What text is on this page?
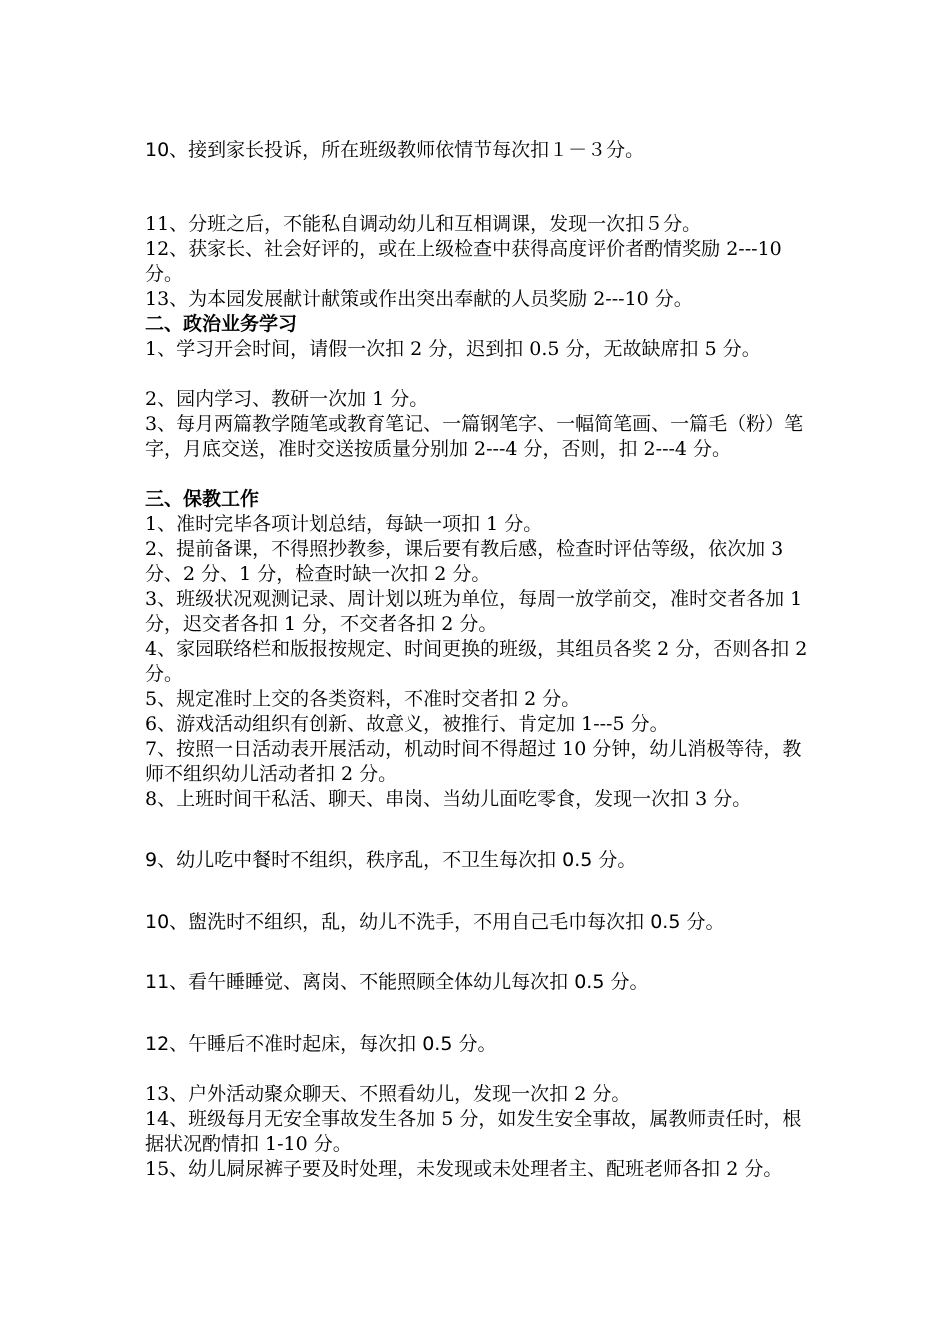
10、接到家长投诉，所在班级教师依情节每次扣１－３分。

11、分班之后，不能私自调动幼儿和互相调课，发现一次扣５分。

12、获家长、社会好评的，或在上级检查中获得高度评价者酌情奖励 2---10 分。

13、为本园发展献计献策或作出突出奉献的人员奖励 2---10 分。

二、政治业务学习

1、学习开会时间，请假一次扣 2 分，迟到扣 0.5 分，无故缺席扣 5 分。

2、园内学习、教研一次加 1 分。

3、每月两篇教学随笔或教育笔记、一篇钢笔字、一幅简笔画、一篇毛（粉）笔字，月底交送，准时交送按质量分别加 2---4 分，否则，扣 2---4 分。

三、保教工作

1、准时完毕各项计划总结，每缺一项扣 1 分。

2、提前备课，不得照抄教参，课后要有教后感，检查时评估等级，依次加 3 分、2 分、1 分，检查时缺一次扣 2 分。

3、班级状况观测记录、周计划以班为单位，每周一放学前交，准时交者各加 1 分，迟交者各扣 1 分，不交者各扣 2 分。

4、家园联络栏和版报按规定、时间更换的班级，其组员各奖 2 分，否则各扣 2 分。

5、规定准时上交的各类资料，不准时交者扣 2 分。

6、游戏活动组织有创新、故意义，被推行、肯定加 1---5 分。

7、按照一日活动表开展活动，机动时间不得超过 10 分钟，幼儿消极等待，教师不组织幼儿活动者扣 2 分。

8、上班时间干私活、聊天、串岗、当幼儿面吃零食，发现一次扣 3 分。

9、幼儿吃中餐时不组织，秩序乱，不卫生每次扣 0.5 分。

10、盥洗时不组织，乱，幼儿不洗手，不用自己毛巾每次扣 0.5 分。

11、看午睡睡觉、离岗、不能照顾全体幼儿每次扣 0.5 分。

12、午睡后不准时起床，每次扣 0.5 分。

13、户外活动聚众聊天、不照看幼儿，发现一次扣 2 分。

14、班级每月无安全事故发生各加 5 分，如发生安全事故，属教师责任时，根据状况酌情扣 1-10 分。

15、幼儿屙尿裤子要及时处理，未发现或未处理者主、配班老师各扣 2 分。
